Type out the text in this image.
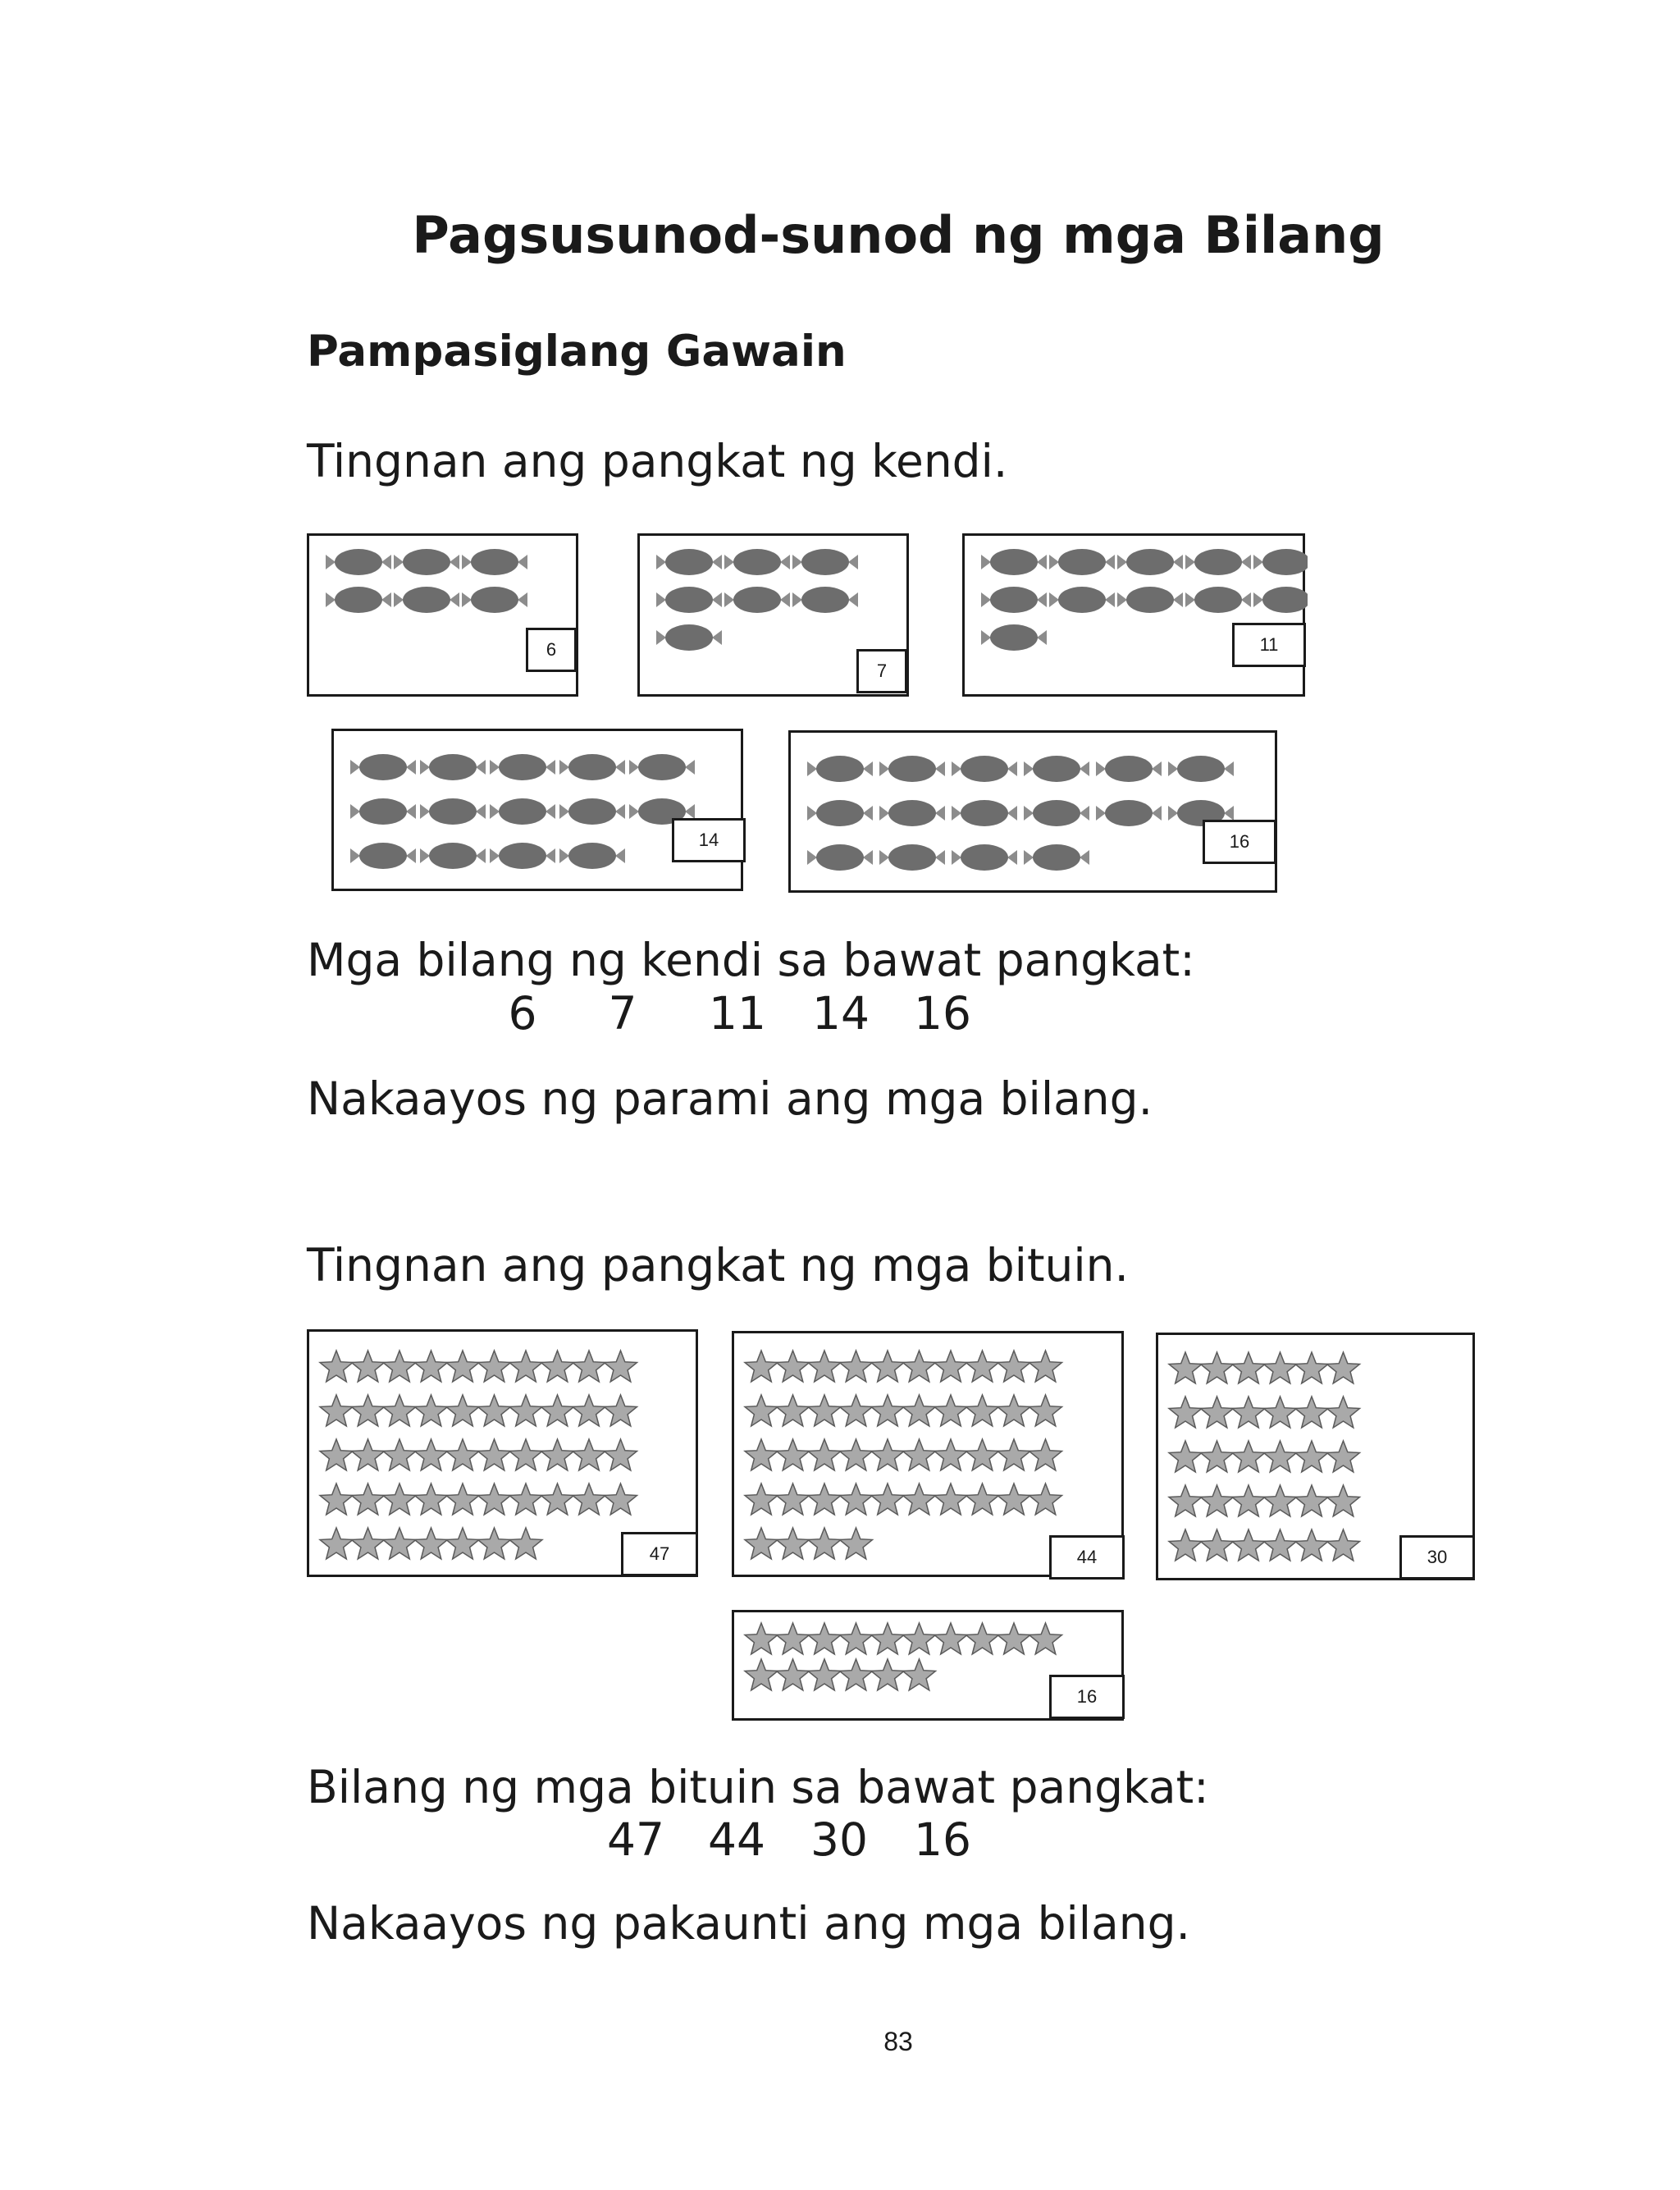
Pagsusunod-sunod ng mga Bilang
Pampasiglang Gawain
Tingnan ang pangkat ng kendi.
6
7
11
14	16
Mga bilang ng kendi sa bawat pangkat:
6	7	11	14 16
Nakaayos ng parami ang mga bilang.
Tingnan ang pangkat ng mga bituin.
47	44	30
16
Bilang ng mga bituin sa bawat pangkat:
47 44	30	16
Nakaayos ng pakaunti ang mga bilang.
83
